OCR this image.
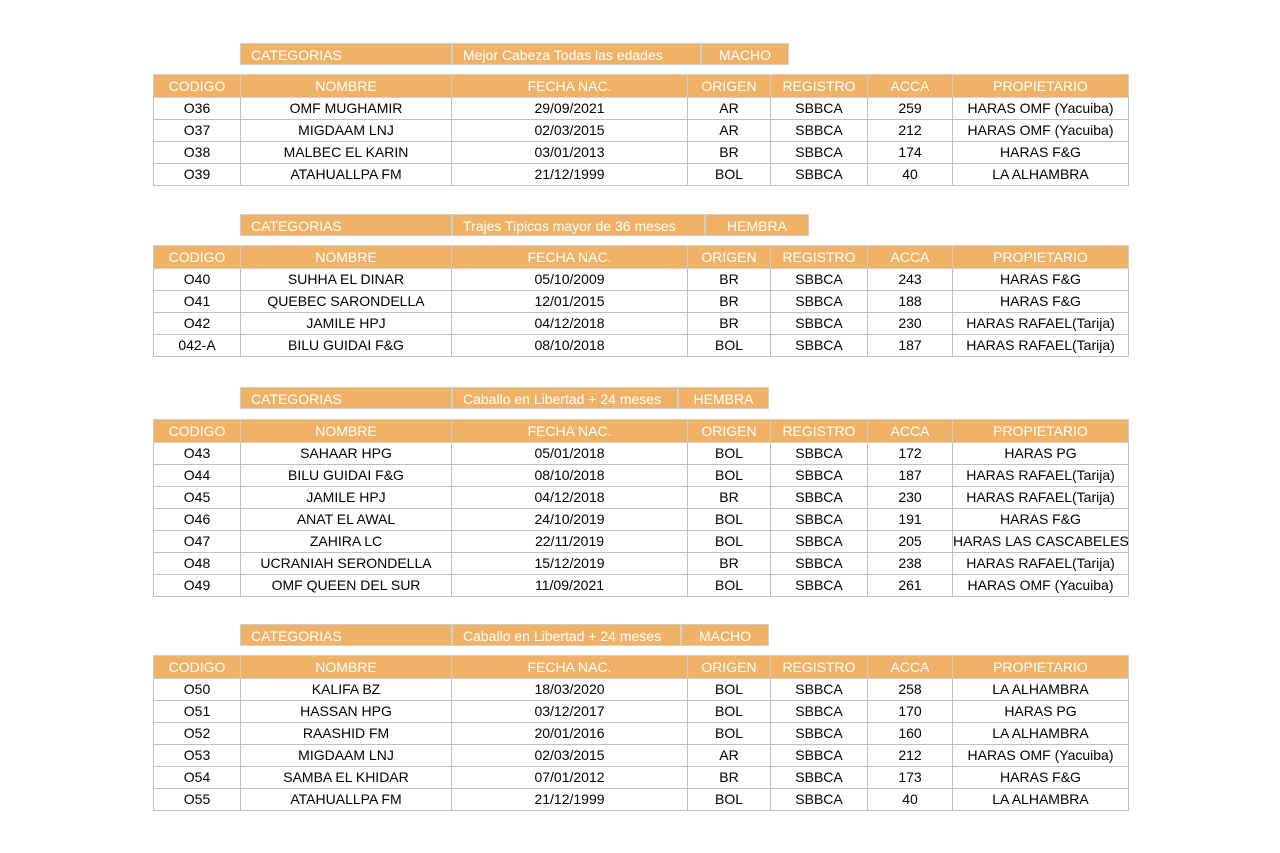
CATEGORIAS	Mejor Cabeza Todas las edades	MACHO
CODIGO	NOMBRE	FECHA NAC.	ORIGEN	REGISTRO	ACCA	PROPIETARIO
O36	OMF MUGHAMIR	29/09/2021	AR	SBBCA	259	HARAS OMF (Yacuiba)
O37	MIGDAAM LNJ	02/03/2015	AR	SBBCA	212	HARAS OMF (Yacuiba)
O38	MALBEC EL KARIN	03/01/2013	BR	SBBCA	174	HARAS F&G
O39	ATAHUALLPA FM	21/12/1999	BOL	SBBCA	40	LA ALHAMBRA
CATEGORIAS	Trajes Tipicos mayor de 36 meses	HEMBRA
CODIGO	NOMBRE	FECHA NAC.	ORIGEN	REGISTRO	ACCA	PROPIETARIO
O40	SUHHA EL DINAR	05/10/2009	BR	SBBCA	243	HARAS F&G
O41	QUEBEC SARONDELLA	12/01/2015	BR	SBBCA	188	HARAS F&G
O42	JAMILE HPJ	04/12/2018	BR	SBBCA	230	HARAS RAFAEL(Tarija)
042-A	BILU GUIDAI F&G	08/10/2018	BOL	SBBCA	187	HARAS RAFAEL(Tarija)
CATEGORIAS	Caballo en Libertad + 24 meses	HEMBRA
CODIGO	NOMBRE	FECHA NAC.	ORIGEN	REGISTRO	ACCA	PROPIETARIO
O43	SAHAAR HPG	05/01/2018	BOL	SBBCA	172	HARAS PG
O44	BILU GUIDAI F&G	08/10/2018	BOL	SBBCA	187	HARAS RAFAEL(Tarija)
O45	JAMILE HPJ	04/12/2018	BR	SBBCA	230	HARAS RAFAEL(Tarija)
O46	ANAT EL AWAL	24/10/2019	BOL	SBBCA	191	HARAS F&G
O47	ZAHIRA LC	22/11/2019	BOL	SBBCA	205	HARAS LAS CASCABELES
O48	UCRANIAH SERONDELLA	15/12/2019	BR	SBBCA	238	HARAS RAFAEL(Tarija)
O49	OMF QUEEN DEL SUR	11/09/2021	BOL	SBBCA	261	HARAS OMF (Yacuiba)
CATEGORIAS	Caballo en Libertad + 24 meses	MACHO
CODIGO	NOMBRE	FECHA NAC.	ORIGEN	REGISTRO	ACCA	PROPIETARIO
O50	KALIFA BZ	18/03/2020	BOL	SBBCA	258	LA ALHAMBRA
O51	HASSAN HPG	03/12/2017	BOL	SBBCA	170	HARAS PG
O52	RAASHID FM	20/01/2016	BOL	SBBCA	160	LA ALHAMBRA
O53	MIGDAAM LNJ	02/03/2015	AR	SBBCA	212	HARAS OMF (Yacuiba)
O54	SAMBA EL KHIDAR	07/01/2012	BR	SBBCA	173	HARAS F&G
O55	ATAHUALLPA FM	21/12/1999	BOL	SBBCA	40	LA ALHAMBRA
